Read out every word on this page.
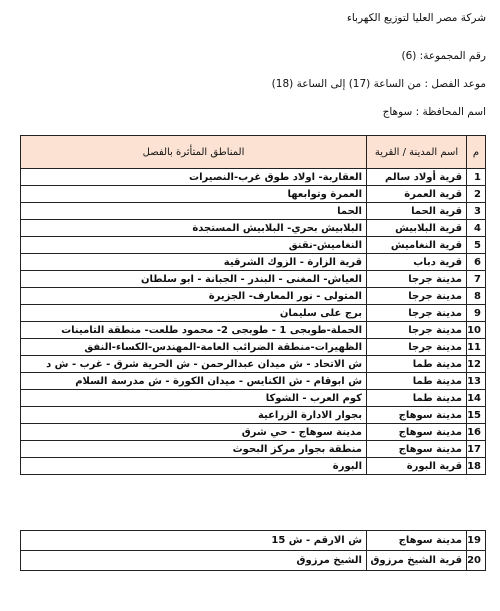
شركة مصر العليا لتوزيع الكهرباء
رقم المجموعة: (6)
موعد الفصل : من الساعة (17) إلى الساعة (18)
اسم المحافظة : سوهاج
م	اسم المدينة / القرية	المناطق المتأثرة بالفصل
1	قرية أولاد سالم	العقاربة- اولاد طوق غرب-النصيرات
2	قرية العمرة	العمرة وتوابعها
3	قرية الحما	الحما
4	قرية البلابيش	البلابيش بحري- البلابيش المستجدة
5	قرية النغاميش	النغاميش-نقنق
6	قرية دباب	قرية الزارة - الزوك الشرقية
7	مدينة جرجا	العياش- المغنى - البندر - الجبانة - ابو سلطان
8	مدينة جرجا	المتولى - نور المعارف- الجزيرة
9	مدينة جرجا	برج على سليمان
10	مدينة جرجا	الحملة-طوبجى 1 - طوبجى 2- محمود طلعت- منطقة التامينات
11	مدينة جرجا	الظهيرات-منطقة الضرائب العامة-المهندس-الكساء-النفق
12	مدينة طما	ش الاتحاد - ش ميدان عبدالرحمن - ش الحرية شرق - غرب - ش د
13	مدينة طما	ش ابوقام - ش الكنايس - ميدان الكورة - ش مدرسة السلام
14	مدينة طما	كوم العرب - الشوكا
15	مدينة سوهاج	بجوار الادارة الزراعية
16	مدينة سوهاج	مدينة سوهاج - حي شرق
17	مدينة سوهاج	منطقة بجوار مركز البحوث
18	قرية البورة	البورة
19	مدينة سوهاج	ش الارقم - ش 15
20	قرية الشيخ مرزوق	الشيخ مرزوق
